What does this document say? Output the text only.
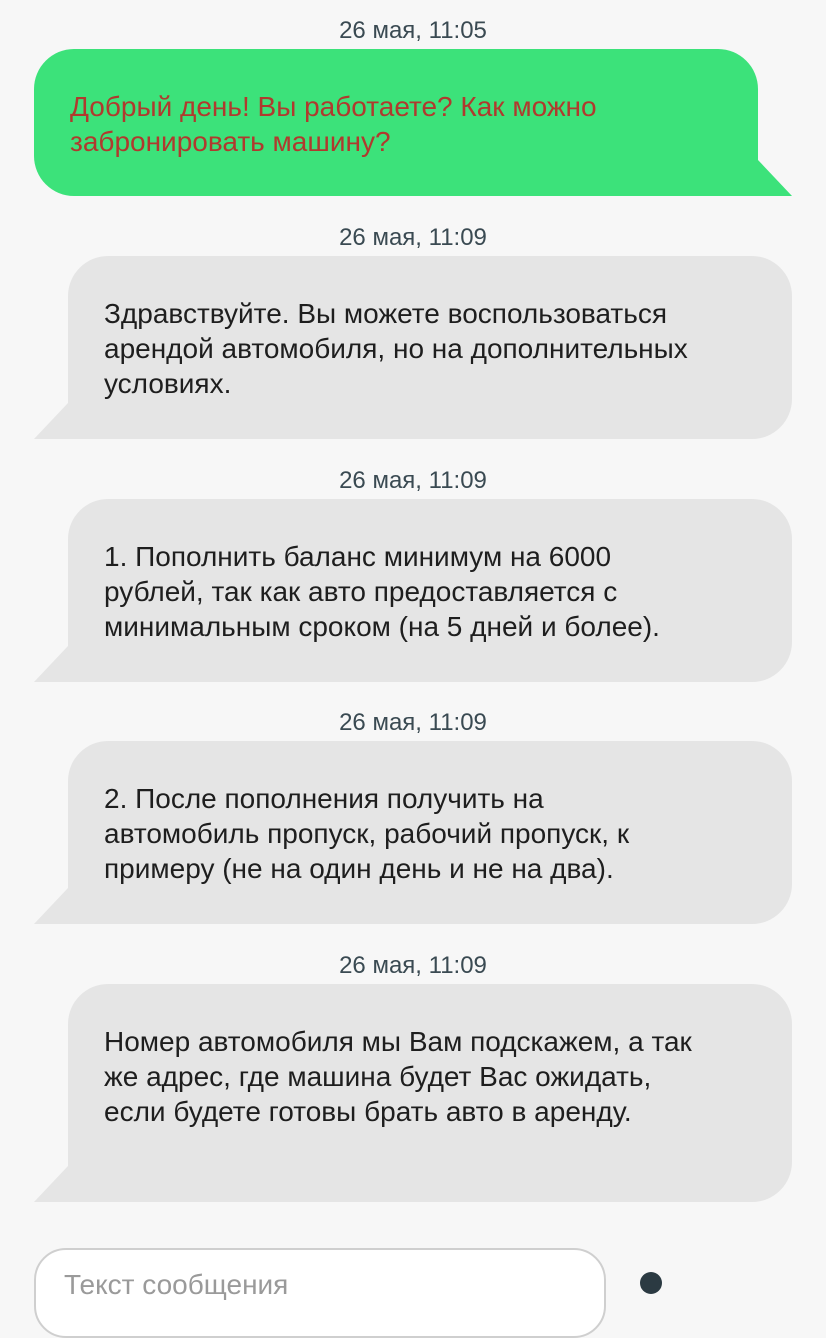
26 мая, 11:05
Добрый день! Вы работаете? Как можно
забронировать машину?
26 мая, 11:09
Здравствуйте. Вы можете воспользоваться
арендой автомобиля, но на дополнительных
условиях.
26 мая, 11:09
1. Пополнить баланс минимум на 6000
рублей, так как авто предоставляется с
минимальным сроком (на 5 дней и более).
26 мая, 11:09
2. После пополнения получить на
автомобиль пропуск, рабочий пропуск, к
примеру (не на один день и не на два).
26 мая, 11:09
Номер автомобиля мы Вам подскажем, а так
же адрес, где машина будет Вас ожидать,
если будете готовы брать авто в аренду.
Текст сообщения
